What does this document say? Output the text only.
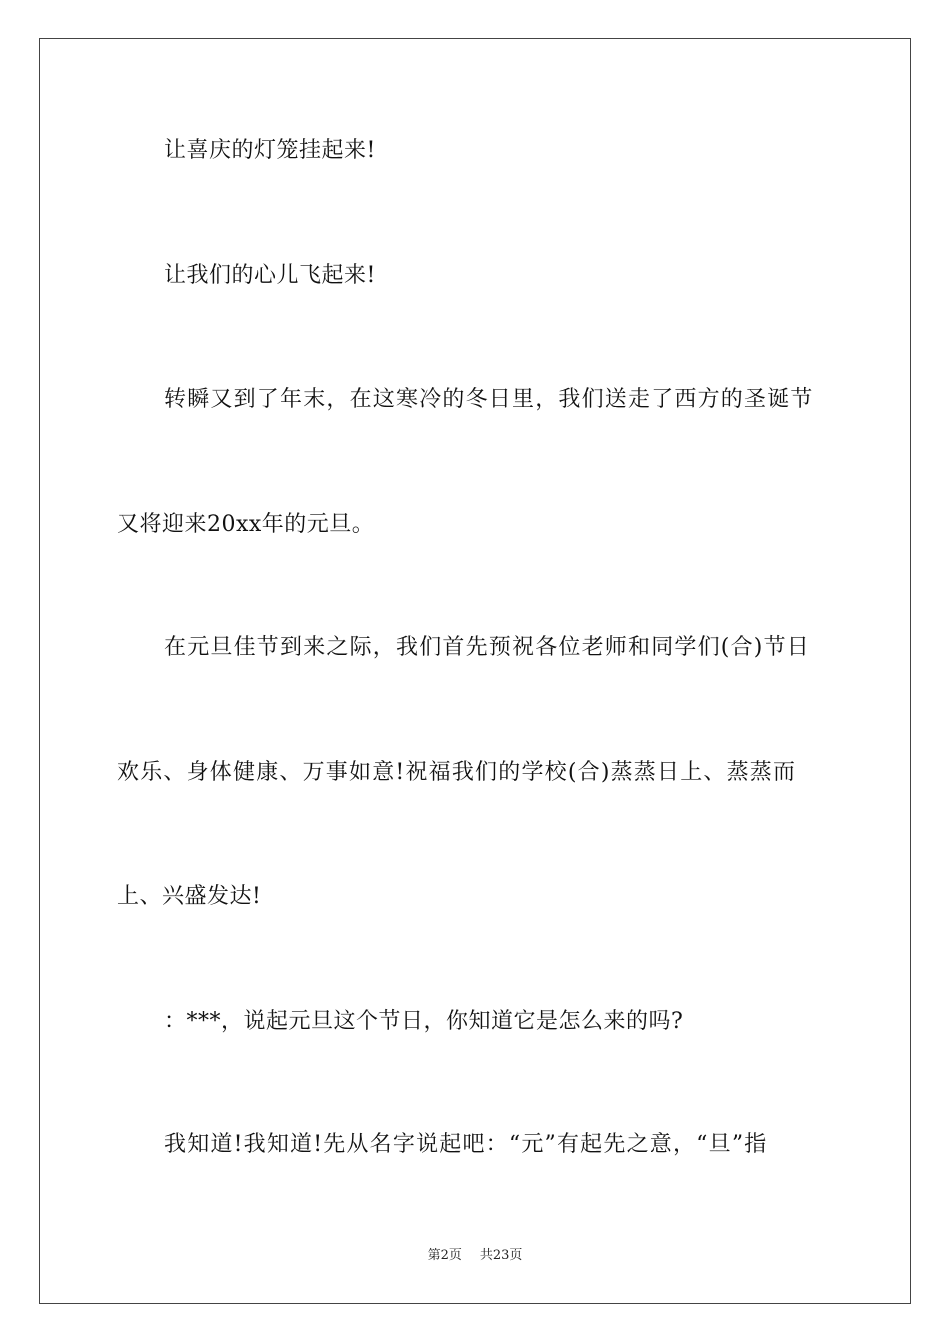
让喜庆的灯笼挂起来!
让我们的心儿飞起来!
转瞬又到了年末，在这寒冷的冬日里，我们送走了西方的圣诞节
又将迎来20xx年的元旦。
在元旦佳节到来之际，我们首先预祝各位老师和同学们(合)节日
欢乐、身体健康、万事如意!祝福我们的学校(合)蒸蒸日上、蒸蒸而
上、兴盛发达!
：***，说起元旦这个节日，你知道它是怎么来的吗?
我知道!我知道!先从名字说起吧：“元”有起先之意，“旦”指
第2页 共23页
